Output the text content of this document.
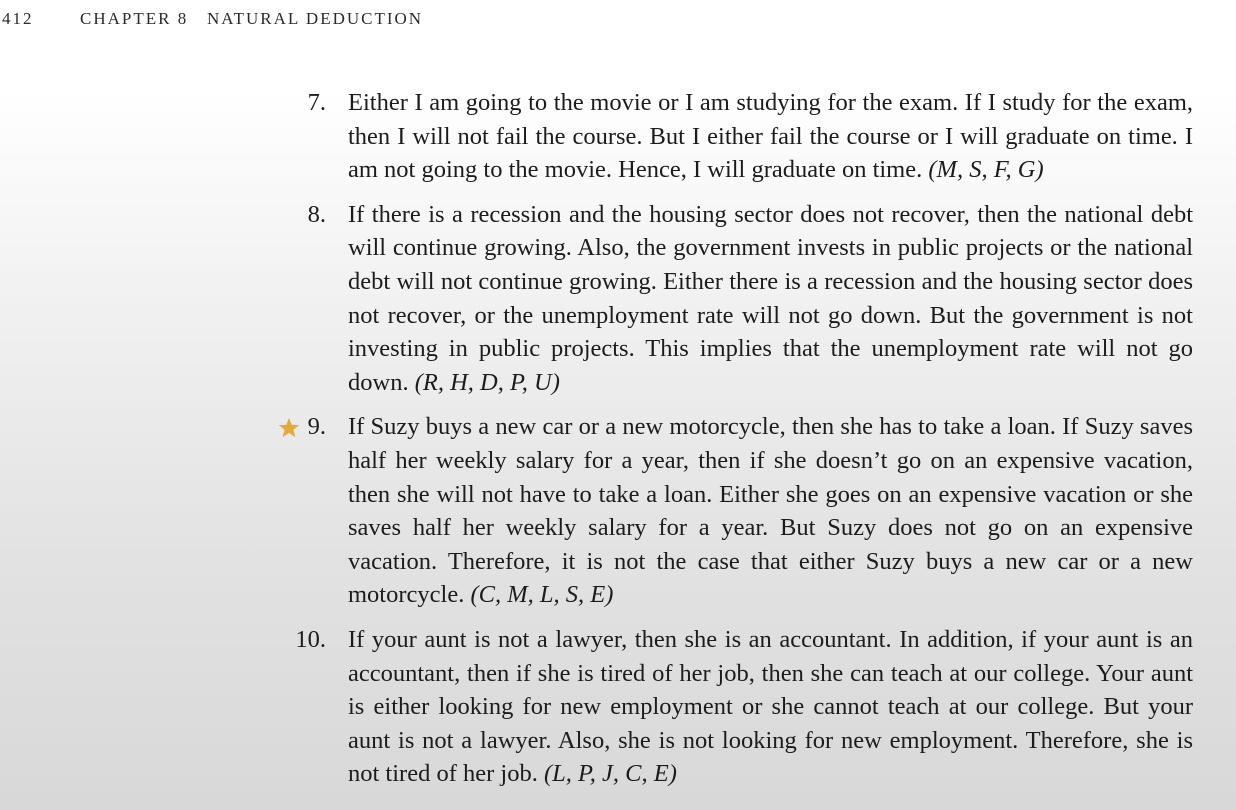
412	CHAPTER 8 NATURAL DEDUCTION
7. Either I am going to the movie or I am studying for the exam. If I study for the exam, then I will not fail the course. But I either fail the course or I will graduate on time. I am not going to the movie. Hence, I will graduate on time. (M, S, F, G)
8. If there is a recession and the housing sector does not recover, then the national debt will continue growing. Also, the government invests in public projects or the national debt will not continue growing. Either there is a recession and the housing sector does not recover, or the unemployment rate will not go down. But the government is not investing in public projects. This implies that the unemployment rate will not go down. (R, H, D, P, U)
9. If Suzy buys a new car or a new motorcycle, then she has to take a loan. If Suzy saves half her weekly salary for a year, then if she doesn’t go on an expensive vacation, then she will not have to take a loan. Either she goes on an expensive vacation or she saves half her weekly salary for a year. But Suzy does not go on an expensive vacation. Therefore, it is not the case that either Suzy buys a new car or a new motorcycle. (C, M, L, S, E)
10. If your aunt is not a lawyer, then she is an accountant. In addition, if your aunt is an accountant, then if she is tired of her job, then she can teach at our college. Your aunt is either looking for new employment or she cannot teach at our college. But your aunt is not a lawyer. Also, she is not looking for new employment. Therefore, she is not tired of her job. (L, P, J, C, E)
